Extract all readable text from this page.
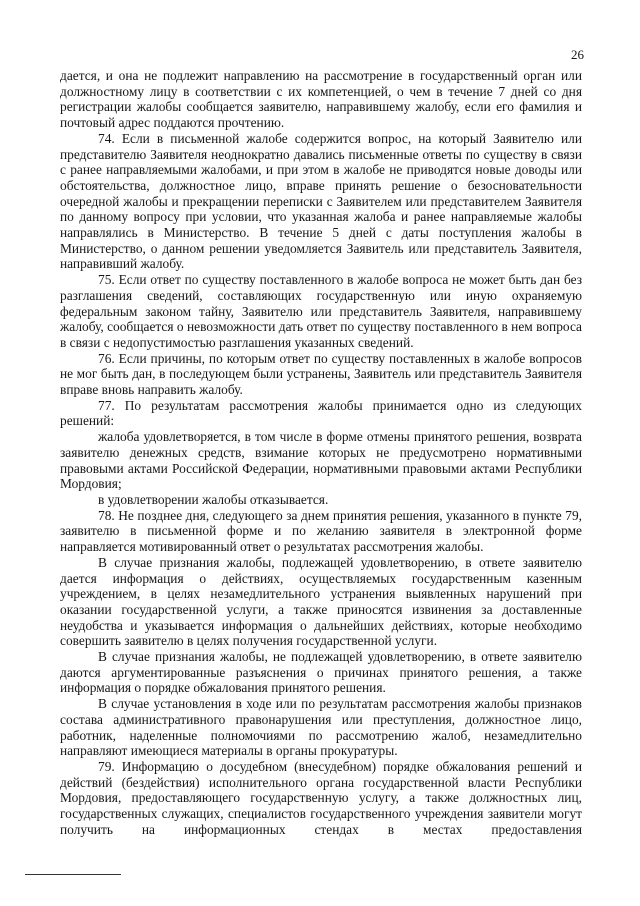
26

дается, и она не подлежит направлению на рассмотрение в государственный орган или должностному лицу в соответствии с их компетенцией, о чем в течение 7 дней со дня регистрации жалобы сообщается заявителю, направившему жалобу, если его фамилия и почтовый адрес поддаются прочтению.

74. Если в письменной жалобе содержится вопрос, на который Заявителю или представителю Заявителя неоднократно давались письменные ответы по существу в связи с ранее направляемыми жалобами, и при этом в жалобе не приводятся новые доводы или обстоятельства, должностное лицо, вправе принять решение о безосновательности очередной жалобы и прекращении переписки с Заявителем или представителем Заявителя по данному вопросу при условии, что указанная жалоба и ранее направляемые жалобы направлялись в Министерство. В течение 5 дней с даты поступления жалобы в Министерство, о данном решении уведомляется Заявитель или представитель Заявителя, направивший жалобу.

75. Если ответ по существу поставленного в жалобе вопроса не может быть дан без разглашения сведений, составляющих государственную или иную охраняемую федеральным законом тайну, Заявителю или представитель Заявителя, направившему жалобу, сообщается о невозможности дать ответ по существу поставленного в нем вопроса в связи с недопустимостью разглашения указанных сведений.

76. Если причины, по которым ответ по существу поставленных в жалобе вопросов не мог быть дан, в последующем были устранены, Заявитель или представитель Заявителя вправе вновь направить жалобу.

77. По результатам рассмотрения жалобы принимается одно из следующих решений:

жалоба удовлетворяется, в том числе в форме отмены принятого решения, возврата заявителю денежных средств, взимание которых не предусмотрено нормативными правовыми актами Российской Федерации, нормативными правовыми актами Республики Мордовия;

в удовлетворении жалобы отказывается.

78. Не позднее дня, следующего за днем принятия решения, указанного в пункте 79, заявителю в письменной форме и по желанию заявителя в электронной форме направляется мотивированный ответ о результатах рассмотрения жалобы.

В случае признания жалобы, подлежащей удовлетворению, в ответе заявителю дается информация о действиях, осуществляемых государственным казенным учреждением, в целях незамедлительного устранения выявленных нарушений при оказании государственной услуги, а также приносятся извинения за доставленные неудобства и указывается информация о дальнейших действиях, которые необходимо совершить заявителю в целях получения государственной услуги.

В случае признания жалобы, не подлежащей удовлетворению, в ответе заявителю даются аргументированные разъяснения о причинах принятого решения, а также информация о порядке обжалования принятого решения.

В случае установления в ходе или по результатам рассмотрения жалобы признаков состава административного правонарушения или преступления, должностное лицо, работник, наделенные полномочиями по рассмотрению жалоб, незамедлительно направляют имеющиеся материалы в органы прокуратуры.

79. Информацию о досудебном (внесудебном) порядке обжалования решений и действий (бездействия) исполнительного органа государственной власти Республики Мордовия, предоставляющего государственную услугу, а также должностных лиц, государственных служащих, специалистов государственного учреждения заявители могут получить на информационных стендах в местах предоставления
